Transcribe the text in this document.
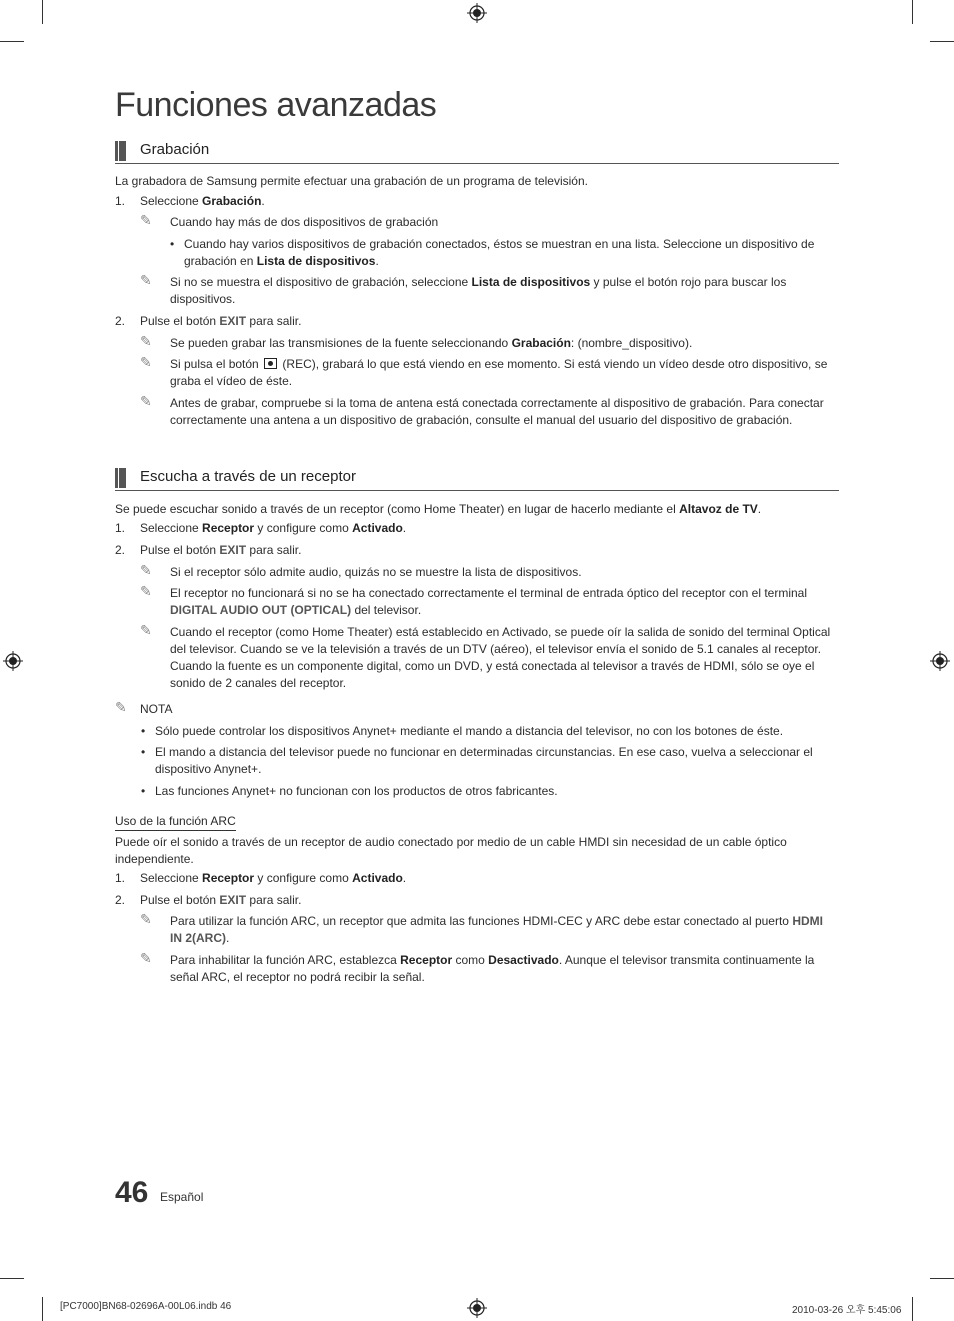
Funciones avanzadas
Grabación
La grabadora de Samsung permite efectuar una grabación de un programa de televisión.
1. Seleccione Grabación.
✎ Cuando hay más de dos dispositivos de grabación
• Cuando hay varios dispositivos de grabación conectados, éstos se muestran en una lista. Seleccione un dispositivo de grabación en Lista de dispositivos.
✎ Si no se muestra el dispositivo de grabación, seleccione Lista de dispositivos y pulse el botón rojo para buscar los dispositivos.
2. Pulse el botón EXIT para salir.
✎ Se pueden grabar las transmisiones de la fuente seleccionando Grabación: (nombre_dispositivo).
✎ Si pulsa el botón (REC), grabará lo que está viendo en ese momento. Si está viendo un vídeo desde otro dispositivo, se graba el vídeo de éste.
✎ Antes de grabar, compruebe si la toma de antena está conectada correctamente al dispositivo de grabación. Para conectar correctamente una antena a un dispositivo de grabación, consulte el manual del usuario del dispositivo de grabación.
Escucha a través de un receptor
Se puede escuchar sonido a través de un receptor (como Home Theater) en lugar de hacerlo mediante el Altavoz de TV.
1. Seleccione Receptor y configure como Activado.
2. Pulse el botón EXIT para salir.
✎ Si el receptor sólo admite audio, quizás no se muestre la lista de dispositivos.
✎ El receptor no funcionará si no se ha conectado correctamente el terminal de entrada óptico del receptor con el terminal DIGITAL AUDIO OUT (OPTICAL) del televisor.
✎ Cuando el receptor (como Home Theater) está establecido en Activado, se puede oír la salida de sonido del terminal Optical del televisor. Cuando se ve la televisión a través de un DTV (aéreo), el televisor envía el sonido de 5.1 canales al receptor. Cuando la fuente es un componente digital, como un DVD, y está conectada al televisor a través de HDMI, sólo se oye el sonido de 2 canales del receptor.
✎ NOTA
• Sólo puede controlar los dispositivos Anynet+ mediante el mando a distancia del televisor, no con los botones de éste.
• El mando a distancia del televisor puede no funcionar en determinadas circunstancias. En ese caso, vuelva a seleccionar el dispositivo Anynet+.
• Las funciones Anynet+ no funcionan con los productos de otros fabricantes.
Uso de la función ARC
Puede oír el sonido a través de un receptor de audio conectado por medio de un cable HMDI sin necesidad de un cable óptico independiente.
1. Seleccione Receptor y configure como Activado.
2. Pulse el botón EXIT para salir.
✎ Para utilizar la función ARC, un receptor que admita las funciones HDMI-CEC y ARC debe estar conectado al puerto HDMI IN 2(ARC).
✎ Para inhabilitar la función ARC, establezca Receptor como Desactivado. Aunque el televisor transmita continuamente la señal ARC, el receptor no podrá recibir la señal.
46 Español
[PC7000]BN68-02696A-00L06.indb 46	2010-03-26 오후 5:45:06
